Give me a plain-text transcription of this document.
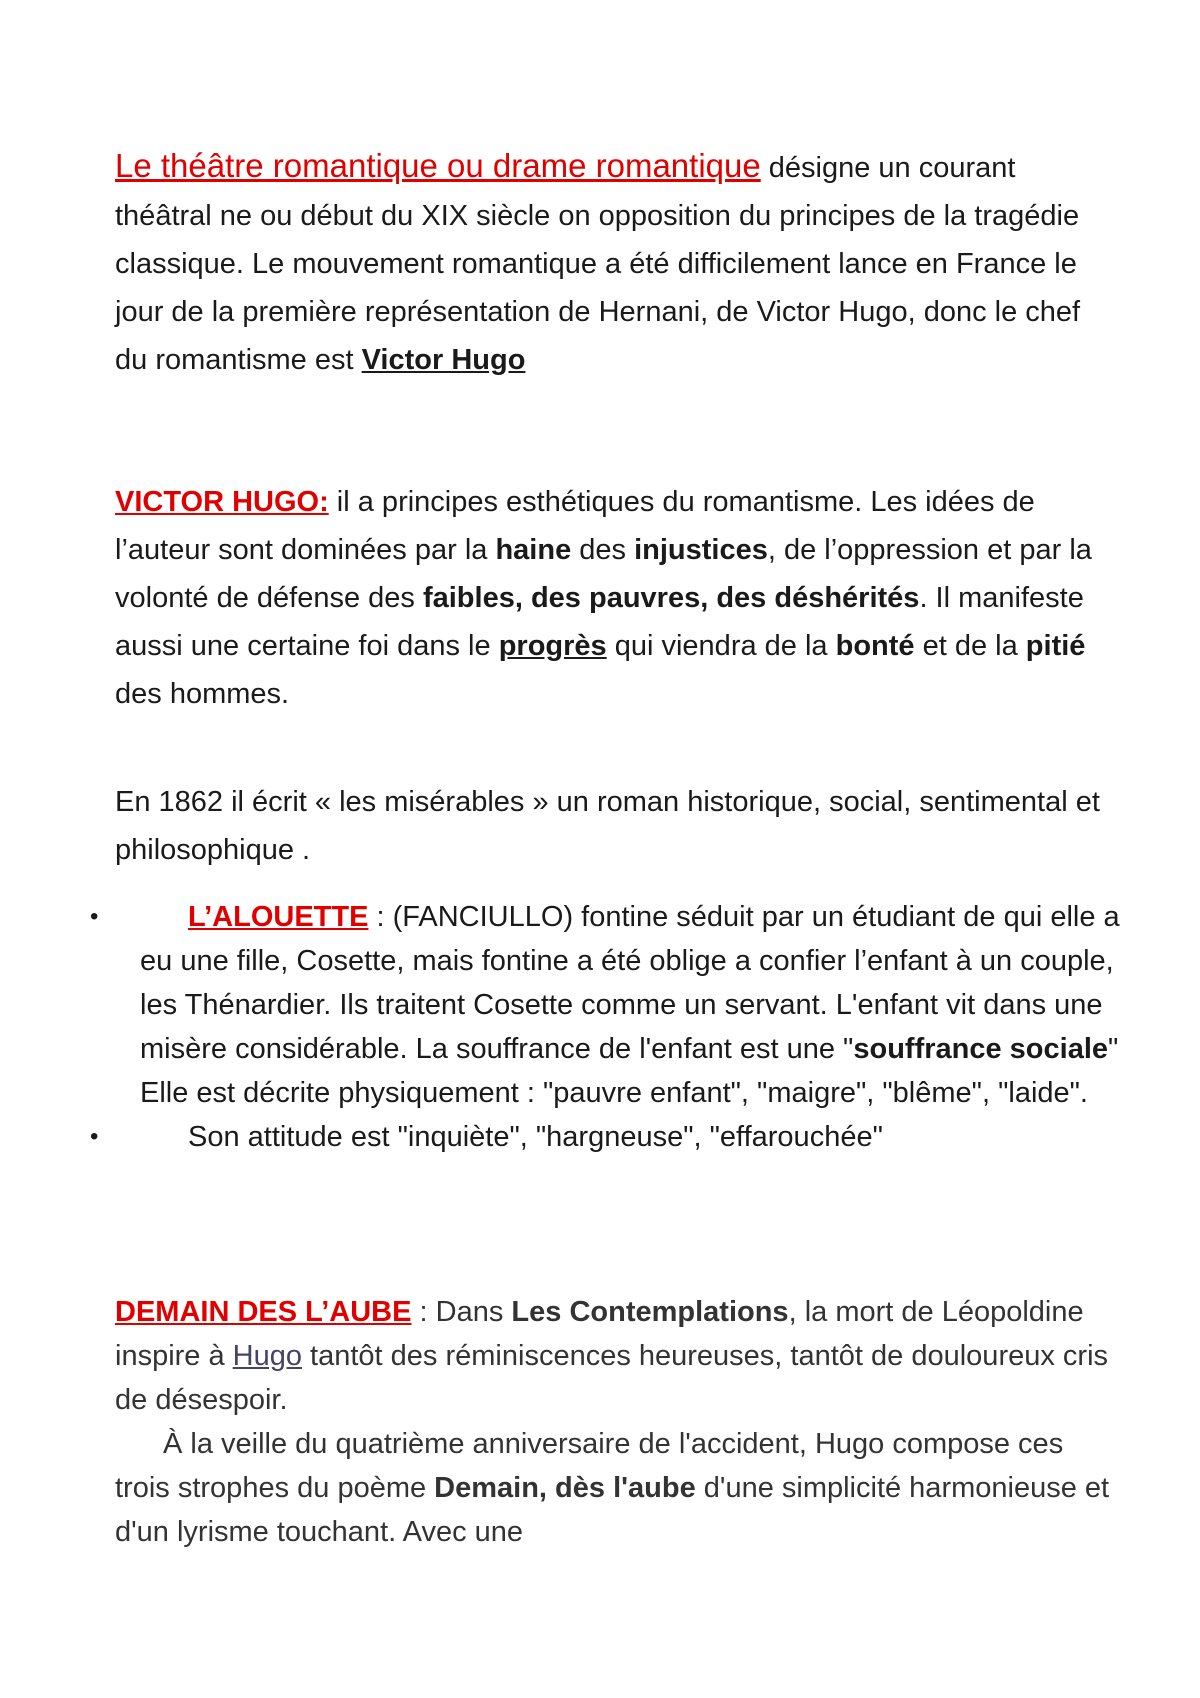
Le théâtre romantique ou drame romantique désigne un courant théâtral ne ou début du XIX siècle on opposition du principes de la tragédie classique. Le mouvement romantique a été difficilement lance en France le jour de la première représentation de Hernani, de Victor Hugo, donc le chef du romantisme est Victor Hugo

VICTOR HUGO: il a principes esthétiques du romantisme. Les idées de l’auteur sont dominées par la haine des injustices, de l’oppression et par la volonté de défense des faibles, des pauvres, des déshérités. Il manifeste aussi une certaine foi dans le progrès qui viendra de la bonté et de la pitié des hommes.

En 1862 il écrit « les misérables » un roman historique, social, sentimental et philosophique .

•	L’ALOUETTE : (FANCIULLO) fontine séduit par un étudiant de qui elle a eu une fille, Cosette, mais fontine a été oblige a confier l’enfant à un couple, les Thénardier. Ils traitent Cosette comme un servant. L'enfant vit dans une misère considérable. La souffrance de l'enfant est une "souffrance sociale" Elle est décrite physiquement : "pauvre enfant", "maigre", "blême", "laide".
•	Son attitude est "inquiète", "hargneuse", "effarouchée"

DEMAIN DES L’AUBE : Dans Les Contemplations, la mort de Léopoldine inspire à Hugo tantôt des réminiscences heureuses, tantôt de douloureux cris de désespoir.
À la veille du quatrième anniversaire de l'accident, Hugo compose ces trois strophes du poème Demain, dès l'aube d'une simplicité harmonieuse et d'un lyrisme touchant. Avec une
